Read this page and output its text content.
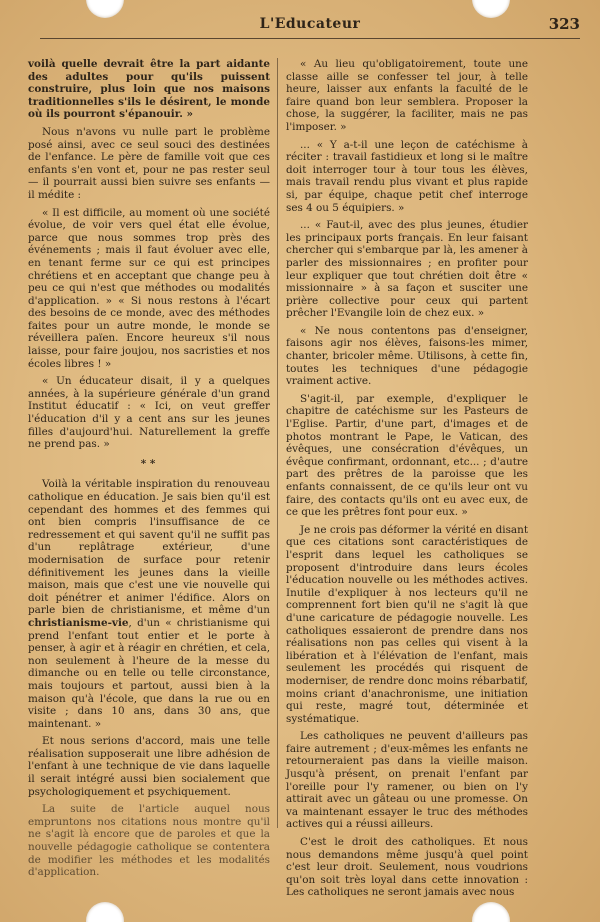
L'Educateur	323

voilà quelle devrait être la part aidante des adultes pour qu'ils puissent construire, plus loin que nos maisons traditionnelles s'ils le désirent, le monde où ils pourront s'épanouir. »

Nous n'avons vu nulle part le problème posé ainsi, avec ce seul souci des destinées de l'enfance. Le père de famille voit que ces enfants s'en vont et, pour ne pas rester seul — il pourrait aussi bien suivre ses enfants — il médite :

« Il est difficile, au moment où une société évolue, de voir vers quel état elle évolue, parce que nous sommes trop près des événements ; mais il faut évoluer avec elle, en tenant ferme sur ce qui est principes chrétiens et en acceptant que change peu à peu ce qui n'est que méthodes ou modalités d'application. » « Si nous restons à l'écart des besoins de ce monde, avec des méthodes faites pour un autre monde, le monde se réveillera païen. Encore heureux s'il nous laisse, pour faire joujou, nos sacristies et nos écoles libres ! »

« Un éducateur disait, il y a quelques années, à la supérieure générale d'un grand Institut éducatif : « Ici, on veut greffer l'éducation d'il y a cent ans sur les jeunes filles d'aujourd'hui. Naturellement la greffe ne prend pas. »

∗∗

Voilà la véritable inspiration du renouveau catholique en éducation. Je sais bien qu'il est cependant des hommes et des femmes qui ont bien compris l'insuffisance de ce redressement et qui savent qu'il ne suffit pas d'un replâtrage extérieur, d'une modernisation de surface pour retenir définitivement les jeunes dans la vieille maison, mais que c'est une vie nouvelle qui doit pénétrer et animer l'édifice. Alors on parle bien de christianisme, et même d'un christianisme-vie, d'un « christianisme qui prend l'enfant tout entier et le porte à penser, à agir et à réagir en chrétien, et cela, non seulement à l'heure de la messe du dimanche ou en telle ou telle circonstance, mais toujours et partout, aussi bien à la maison qu'à l'école, que dans la rue ou en visite ; dans 10 ans, dans 30 ans, que maintenant. »

Et nous serions d'accord, mais une telle réalisation supposerait une libre adhésion de l'enfant à une technique de vie dans laquelle il serait intégré aussi bien socialement que psychologiquement et psychiquement.

La suite de l'article auquel nous empruntons nos citations nous montre qu'il ne s'agit là encore que de paroles et que la nouvelle pédagogie catholique se contentera de modifier les méthodes et les modalités d'application.

« Au lieu qu'obligatoirement, toute une classe aille se confesser tel jour, à telle heure, laisser aux enfants la faculté de le faire quand bon leur semblera. Proposer la chose, la suggérer, la faciliter, mais ne pas l'imposer. »

... « Y a-t-il une leçon de catéchisme à réciter : travail fastidieux et long si le maître doit interroger tour à tour tous les élèves, mais travail rendu plus vivant et plus rapide si, par équipe, chaque petit chef interroge ses 4 ou 5 équipiers. »

... « Faut-il, avec des plus jeunes, étudier les principaux ports français. En leur faisant chercher qui s'embarque par là, les amener à parler des missionnaires ; en profiter pour leur expliquer que tout chrétien doit être « missionnaire » à sa façon et susciter une prière collective pour ceux qui partent prêcher l'Evangile loin de chez eux. »

« Ne nous contentons pas d'enseigner, faisons agir nos élèves, faisons-les mimer, chanter, bricoler même. Utilisons, à cette fin, toutes les techniques d'une pédagogie vraiment active.

S'agit-il, par exemple, d'expliquer le chapitre de catéchisme sur les Pasteurs de l'Eglise. Partir, d'une part, d'images et de photos montrant le Pape, le Vatican, des évêques, une consécration d'évêques, un évêque confirmant, ordonnant, etc... ; d'autre part des prêtres de la paroisse que les enfants connaissent, de ce qu'ils leur ont vu faire, des contacts qu'ils ont eu avec eux, de ce que les prêtres font pour eux. »

Je ne crois pas déformer la vérité en disant que ces citations sont caractéristiques de l'esprit dans lequel les catholiques se proposent d'introduire dans leurs écoles l'éducation nouvelle ou les méthodes actives. Inutile d'expliquer à nos lecteurs qu'il ne comprennent fort bien qu'il ne s'agit là que d'une caricature de pédagogie nouvelle. Les catholiques essaieront de prendre dans nos réalisations non pas celles qui visent à la libération et à l'élévation de l'enfant, mais seulement les procédés qui risquent de moderniser, de rendre donc moins rébarbatif, moins criant d'anachronisme, une initiation qui reste, magré tout, déterminée et systématique.

Les catholiques ne peuvent d'ailleurs pas faire autrement ; d'eux-mêmes les enfants ne retourneraient pas dans la vieille maison. Jusqu'à présent, on prenait l'enfant par l'oreille pour l'y ramener, ou bien on l'y attirait avec un gâteau ou une promesse. On va maintenant essayer le truc des méthodes actives qui a réussi ailleurs.

C'est le droit des catholiques. Et nous nous demandons même jusqu'à quel point c'est leur droit. Seulement, nous voudrions qu'on soit très loyal dans cette innovation : Les catholiques ne seront jamais avec nous
